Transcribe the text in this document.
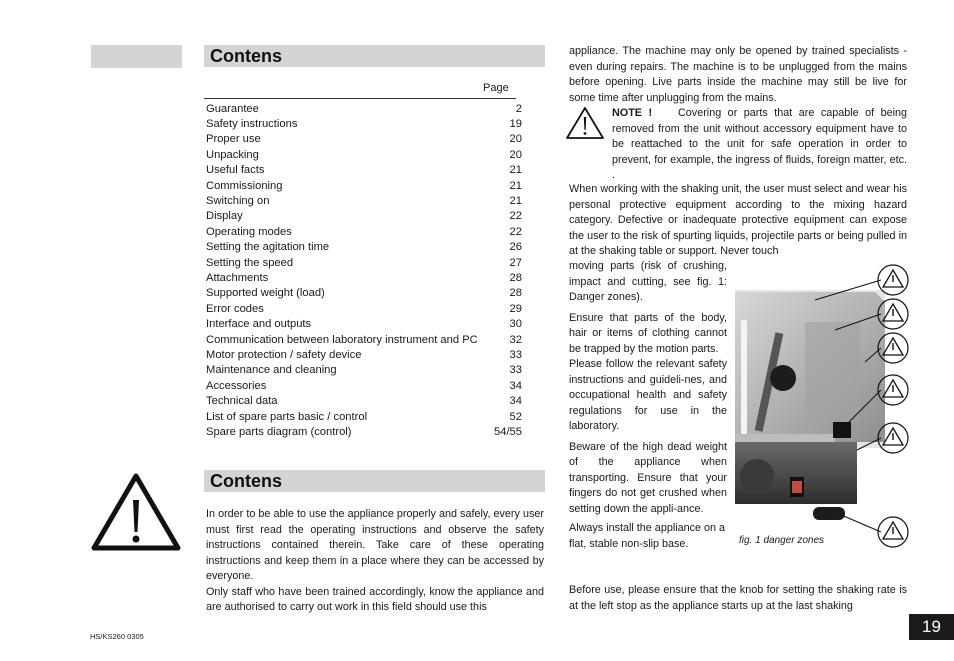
Contens
Page
Guarantee	2
Safety instructions	19
Proper use	20
Unpacking	20
Useful facts	21
Commissioning	21
Switching on	21
Display	22
Operating modes	22
Setting the agitation time	26
Setting the speed	27
Attachments	28
Supported weight (load)	28
Error codes	29
Interface and outputs	30
Communication between laboratory instrument and PC	32
Motor protection / safety device	33
Maintenance and cleaning	33
Accessories	34
Technical data	34
List of spare parts basic / control	52
Spare parts diagram (control)	54/55
Contens

In order to be able to use the appliance properly and safely, every user must first read the operating instructions and observe the safety instructions contained therein. Take care of these operating instructions and keep them in a place where they can be accessed by everyone.

Only staff who have been trained accordingly, know the appliance and are authorised to carry out work in this field should use this

HS/KS260 0305
appliance. The machine may only be opened by trained specialists - even during repairs. The machine is to be unplugged from the mains before opening. Live parts inside the machine may still be live for some time after unplugging from the mains.

NOTE ! Covering or parts that are capable of being removed from the unit without accessory equipment have to be reattached to the unit for safe operation in order to prevent, for example, the ingress of fluids, foreign matter, etc. .

When working with the shaking unit, the user must select and wear his personal protective equipment according to the mixing hazard category. Defective or inadequate protective equipment can expose the user to the risk of spurting liquids, projectile parts or being pulled in at the shaking table or support. Never touch

moving parts (risk of crushing, impact and cutting, see fig. 1: Danger zones).

Ensure that parts of the body, hair or items of clothing cannot be trapped by the motion parts.

Please follow the relevant safety instructions and guideli-nes, and occupational health and safety regulations for use in the laboratory.

Beware of the high dead weight of the appliance when transporting. Ensure that your fingers do not get crushed when setting down the appli-ance.

Always install the appliance on a flat, stable non-slip base.	fig. 1 danger zones
Before use, please ensure that the knob for setting the shaking rate is at the left stop as the appliance starts up at the last shaking
19
